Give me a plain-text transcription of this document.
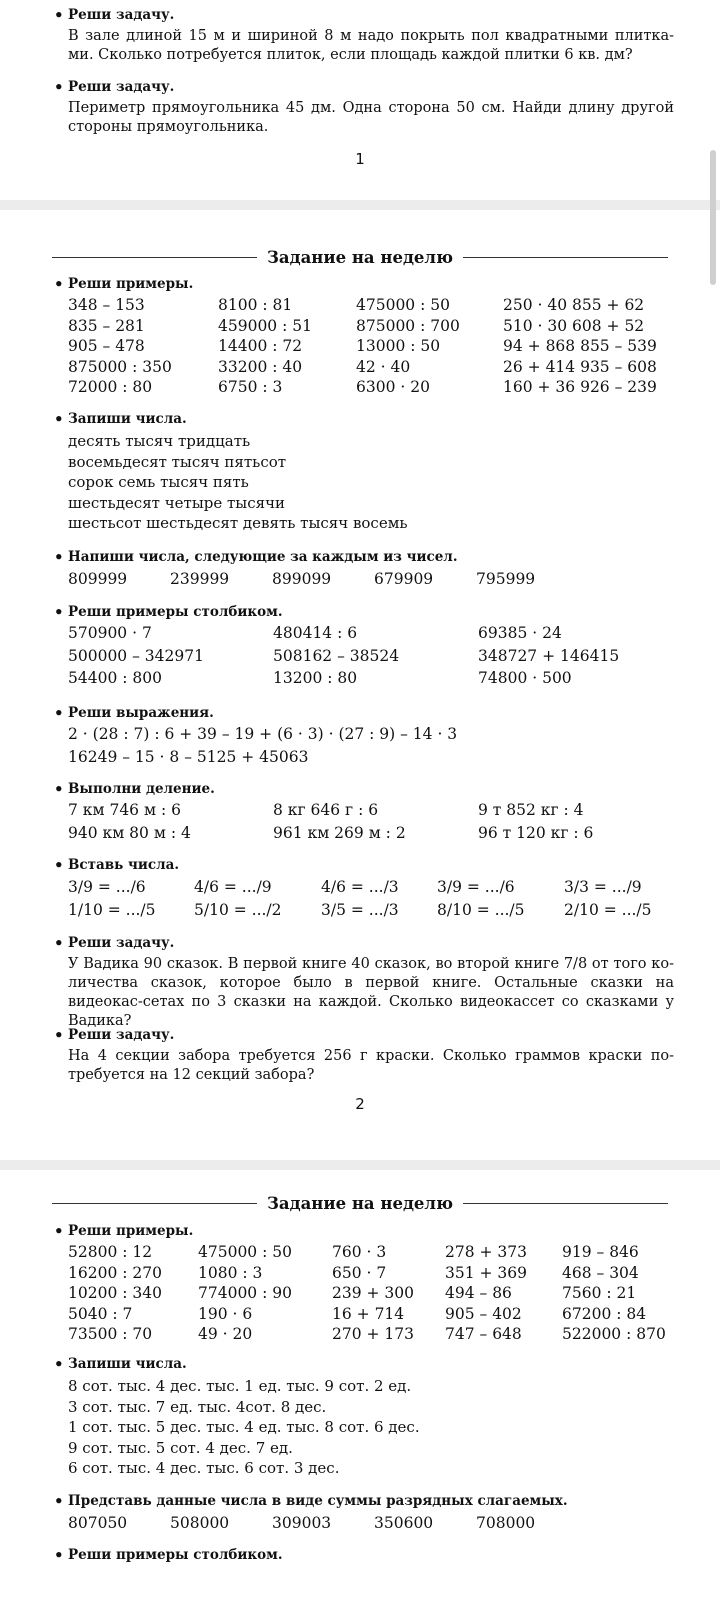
• Реши задачу.
В зале длиной 15 м и шириной 8 м надо покрыть пол квадратными плитка-ми. Сколько потребуется плиток, если площадь каждой плитки 6 кв. дм?
• Реши задачу.
Периметр прямоугольника 45 дм. Одна сторона 50 см. Найди длину другой стороны прямоугольника.
1
Задание на неделю
• Реши примеры.
348 – 153	8100 : 81	475000 : 50	250 · 40 855 + 62
835 – 281	459000 : 51	875000 : 700	510 · 30 608 + 52
905 – 478	14400 : 72	13000 : 50	94 + 868 855 – 539
875000 : 350	33200 : 40	42 · 40	26 + 414 935 – 608
72000 : 80	6750 : 3	6300 · 20	160 + 36 926 – 239
• Запиши числа.
десять тысяч тридцать
восемьдесят тысяч пятьсот
сорок семь тысяч пять
шестьдесят четыре тысячи
шестьсот шестьдесят девять тысяч восемь
• Напиши числа, следующие за каждым из чисел.
809999	239999	899099	679909	795999
• Реши примеры столбиком.
570900 · 7	480414 : 6	69385 · 24
500000 – 342971	508162 – 38524	348727 + 146415
54400 : 800	13200 : 80	74800 · 500
• Реши выражения.
2 · (28 : 7) : 6 + 39 – 19 + (6 · 3) · (27 : 9) – 14 · 3
16249 – 15 · 8 – 5125 + 45063
• Выполни деление.
7 км 746 м : 6	8 кг 646 г : 6	9 т 852 кг : 4
940 км 80 м : 4	961 км 269 м : 2	96 т 120 кг : 6
• Вставь числа.
3/9 = .../6	4/6 = .../9	4/6 = .../3	3/9 = .../6	3/3 = .../9
1/10 = .../5	5/10 = .../2	3/5 = .../3	8/10 = .../5	2/10 = .../5
• Реши задачу.
У Вадика 90 сказок. В первой книге 40 сказок, во второй книге 7/8 от того ко-личества сказок, которое было в первой книге. Остальные сказки на видеокас-сетах по 3 сказки на каждой. Сколько видеокассет со сказками у Вадика?
• Реши задачу.
На 4 секции забора требуется 256 г краски. Сколько граммов краски по-требуется на 12 секций забора?
2
Задание на неделю
• Реши примеры.
52800 : 12	475000 : 50	760 · 3	278 + 373	919 – 846
16200 : 270	1080 : 3	650 · 7	351 + 369	468 – 304
10200 : 340	774000 : 90	239 + 300	494 – 86	7560 : 21
5040 : 7	190 · 6	16 + 714	905 – 402	67200 : 84
73500 : 70	49 · 20	270 + 173	747 – 648	522000 : 870
• Запиши числа.
8 сот. тыс. 4 дес. тыс. 1 ед. тыс. 9 сот. 2 ед.
3 сот. тыс. 7 ед. тыс. 4сот. 8 дес.
1 сот. тыс. 5 дес. тыс. 4 ед. тыс. 8 сот. 6 дес.
9 сот. тыс. 5 сот. 4 дес. 7 ед.
6 сот. тыс. 4 дес. тыс. 6 сот. 3 дес.
• Представь данные числа в виде суммы разрядных слагаемых.
807050	508000	309003	350600	708000
• Реши примеры столбиком.
